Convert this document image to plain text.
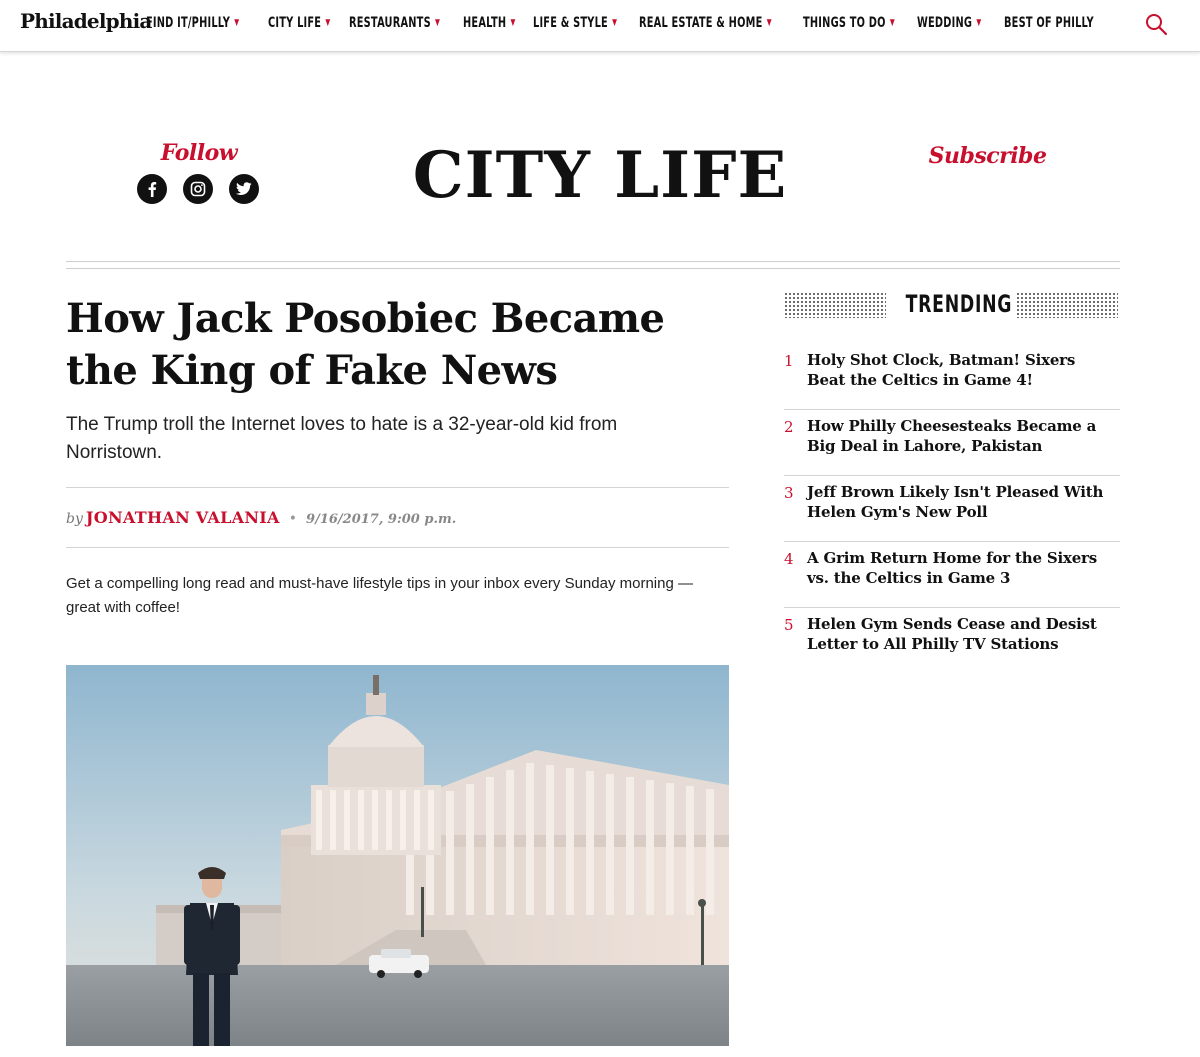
Philadelphia
FIND IT/PHILLY ▼ CITY LIFE ▼ RESTAURANTS ▼ HEALTH ▼ LIFE & STYLE ▼ REAL ESTATE & HOME ▼ THINGS TO DO ▼ WEDDING ▼ BEST OF PHILLY
Follow	CITY LIFE	Subscribe
How Jack Posobiec Became the King of Fake News

The Trump troll the Internet loves to hate is a 32-year-old kid from Norristown.

by JONATHAN VALANIA • 9/16/2017, 9:00 p.m.

Get a compelling long read and must-have lifestyle tips in your inbox every Sunday morning — great with coffee!

TRENDING
1 Holy Shot Clock, Batman! Sixers Beat the Celtics in Game 4!
2 How Philly Cheesesteaks Became a Big Deal in Lahore, Pakistan
3 Jeff Brown Likely Isn't Pleased With Helen Gym's New Poll
4 A Grim Return Home for the Sixers vs. the Celtics in Game 3
5 Helen Gym Sends Cease and Desist Letter to All Philly TV Stations
